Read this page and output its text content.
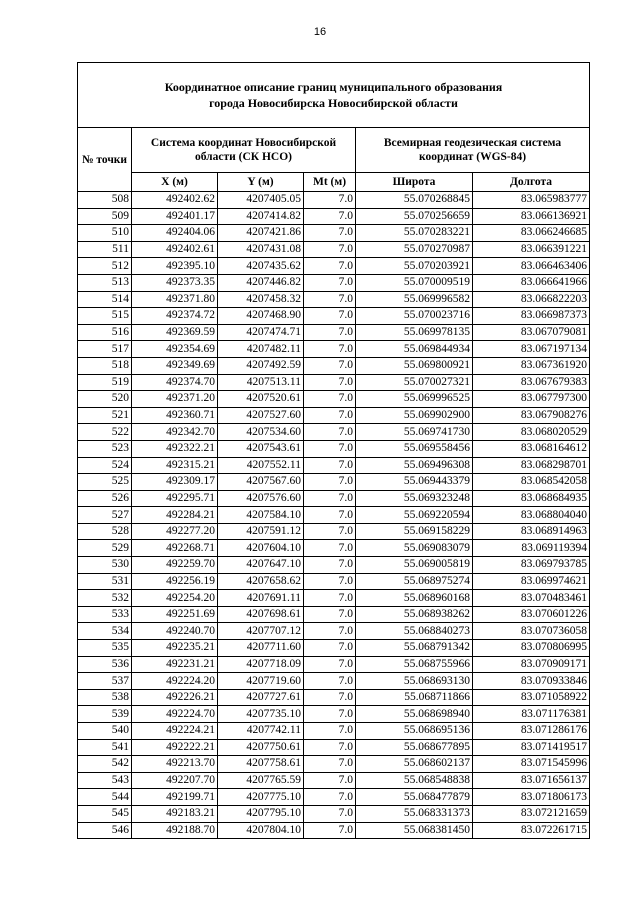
16
Координатное описание границ муниципального образования
города Новосибирска Новосибирской области					
№ точки	Система координат Новосибирской области (СК НСО)			Всемирная геодезическая система координат (WGS-84)	
	X (м)	Y (м)	Mt (м)	Широта	Долгота
508	492402.62	4207405.05	7.0	55.070268845	83.065983777
509	492401.17	4207414.82	7.0	55.070256659	83.066136921
510	492404.06	4207421.86	7.0	55.070283221	83.066246685
511	492402.61	4207431.08	7.0	55.070270987	83.066391221
512	492395.10	4207435.62	7.0	55.070203921	83.066463406
513	492373.35	4207446.82	7.0	55.070009519	83.066641966
514	492371.80	4207458.32	7.0	55.069996582	83.066822203
515	492374.72	4207468.90	7.0	55.070023716	83.066987373
516	492369.59	4207474.71	7.0	55.069978135	83.067079081
517	492354.69	4207482.11	7.0	55.069844934	83.067197134
518	492349.69	4207492.59	7.0	55.069800921	83.067361920
519	492374.70	4207513.11	7.0	55.070027321	83.067679383
520	492371.20	4207520.61	7.0	55.069996525	83.067797300
521	492360.71	4207527.60	7.0	55.069902900	83.067908276
522	492342.70	4207534.60	7.0	55.069741730	83.068020529
523	492322.21	4207543.61	7.0	55.069558456	83.068164612
524	492315.21	4207552.11	7.0	55.069496308	83.068298701
525	492309.17	4207567.60	7.0	55.069443379	83.068542058
526	492295.71	4207576.60	7.0	55.069323248	83.068684935
527	492284.21	4207584.10	7.0	55.069220594	83.068804040
528	492277.20	4207591.12	7.0	55.069158229	83.068914963
529	492268.71	4207604.10	7.0	55.069083079	83.069119394
530	492259.70	4207647.10	7.0	55.069005819	83.069793785
531	492256.19	4207658.62	7.0	55.068975274	83.069974621
532	492254.20	4207691.11	7.0	55.068960168	83.070483461
533	492251.69	4207698.61	7.0	55.068938262	83.070601226
534	492240.70	4207707.12	7.0	55.068840273	83.070736058
535	492235.21	4207711.60	7.0	55.068791342	83.070806995
536	492231.21	4207718.09	7.0	55.068755966	83.070909171
537	492224.20	4207719.60	7.0	55.068693130	83.070933846
538	492226.21	4207727.61	7.0	55.068711866	83.071058922
539	492224.70	4207735.10	7.0	55.068698940	83.071176381
540	492224.21	4207742.11	7.0	55.068695136	83.071286176
541	492222.21	4207750.61	7.0	55.068677895	83.071419517
542	492213.70	4207758.61	7.0	55.068602137	83.071545996
543	492207.70	4207765.59	7.0	55.068548838	83.071656137
544	492199.71	4207775.10	7.0	55.068477879	83.071806173
545	492183.21	4207795.10	7.0	55.068331373	83.072121659
546	492188.70	4207804.10	7.0	55.068381450	83.072261715
